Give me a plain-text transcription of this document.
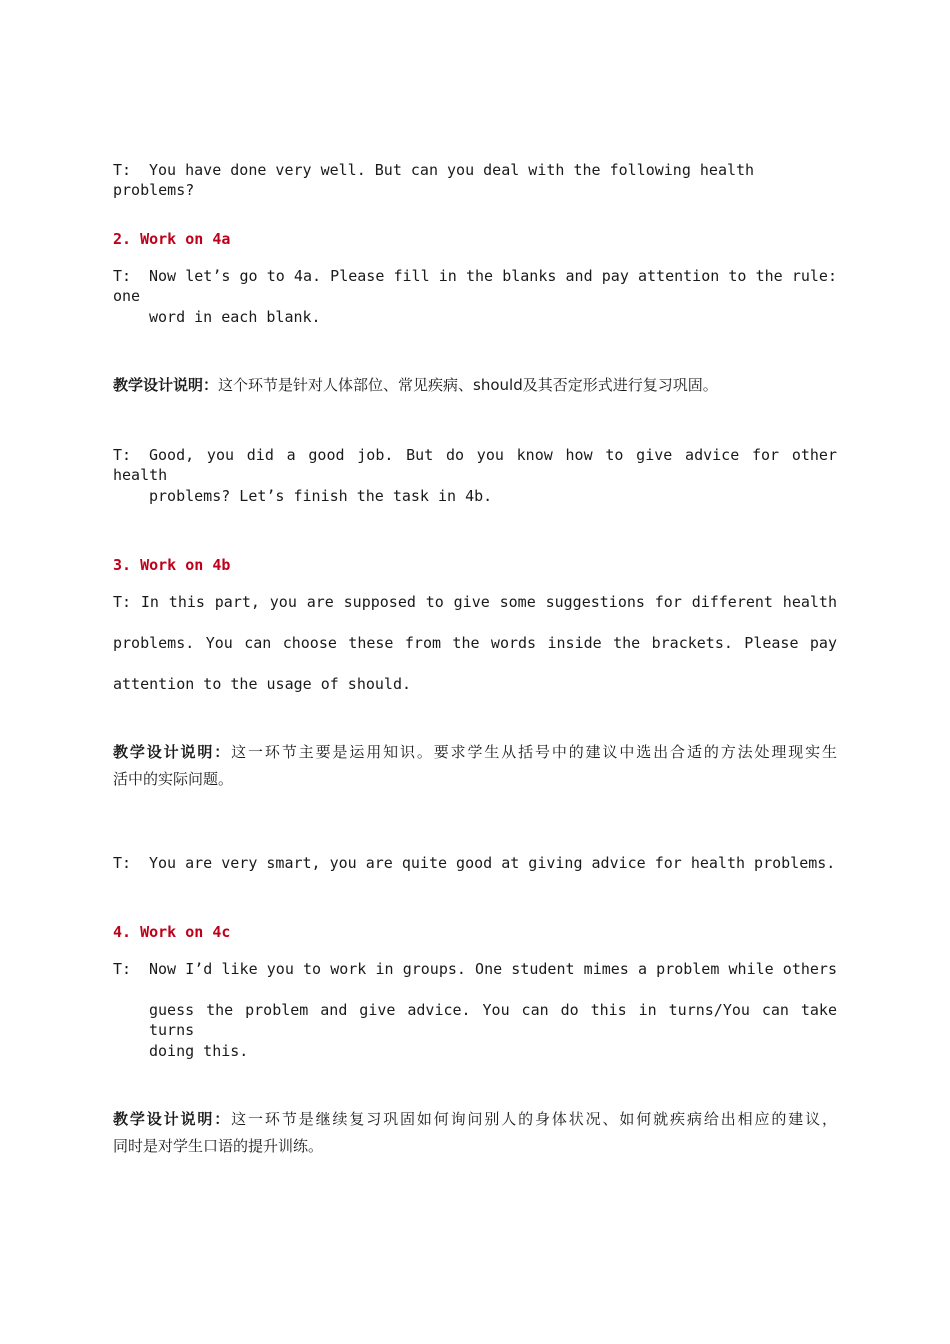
T: You have done very well. But can you deal with the following health problems?
2. Work on 4a
T: Now let’s go to 4a. Please fill in the blanks and pay attention to the rule: one
word in each blank.
教学设计说明：这个环节是针对人体部位、常见疾病、should及其否定形式进行复习巩固。
T: Good, you did a good job. But do you know how to give advice for other health
problems? Let’s finish the task in 4b.
3. Work on 4b
T: In this part, you are supposed to give some suggestions for different health
problems. You can choose these from the words inside the brackets. Please pay
attention to the usage of should.
教学设计说明：这一环节主要是运用知识。要求学生从括号中的建议中选出合适的方法处理现实生
活中的实际问题。
T: You are very smart, you are quite good at giving advice for health problems.
4. Work on 4c
T: Now I’d like you to work in groups. One student mimes a problem while others
guess the problem and give advice. You can do this in turns/You can take turns
doing this.
教学设计说明：这一环节是继续复习巩固如何询问别人的身体状况、如何就疾病给出相应的建议，
同时是对学生口语的提升训练。
